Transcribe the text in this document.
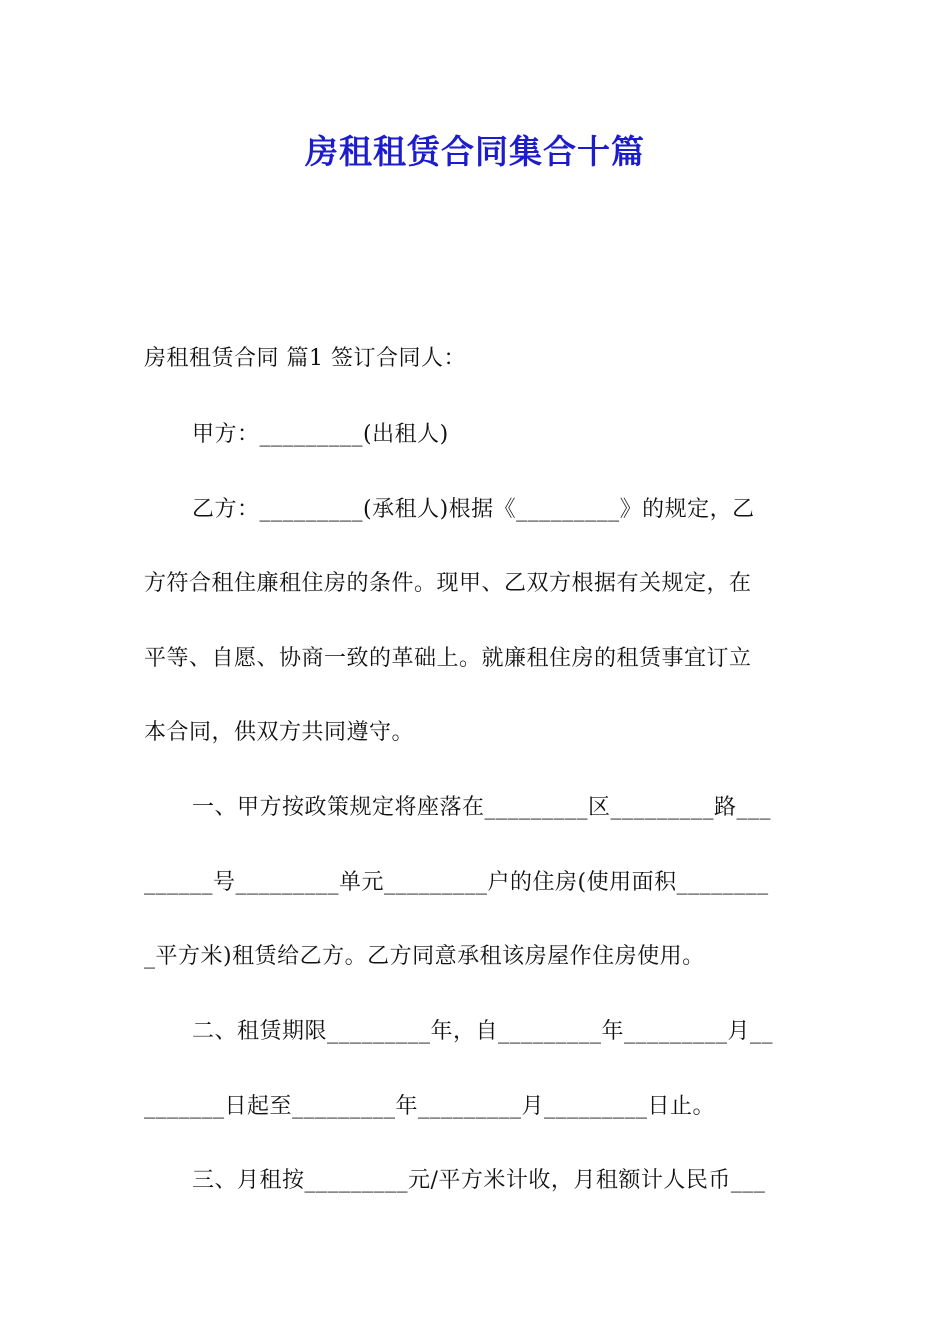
房租租赁合同集合十篇
房租租赁合同 篇1 签订合同人：
甲方：_________(出租人)
乙方：_________(承租人)根据《_________》的规定，乙
方符合租住廉租住房的条件。现甲、乙双方根据有关规定，在
平等、自愿、协商一致的革础上。就廉租住房的租赁事宜订立
本合同，供双方共同遵守。
一、甲方按政策规定将座落在_________区_________路___
______号_________单元_________户的住房(使用面积________
_平方米)租赁给乙方。乙方同意承租该房屋作住房使用。
二、租赁期限_________年，自_________年_________月__
_______日起至_________年_________月_________日止。
三、月租按_________元/平方米计收，月租额计人民币___
